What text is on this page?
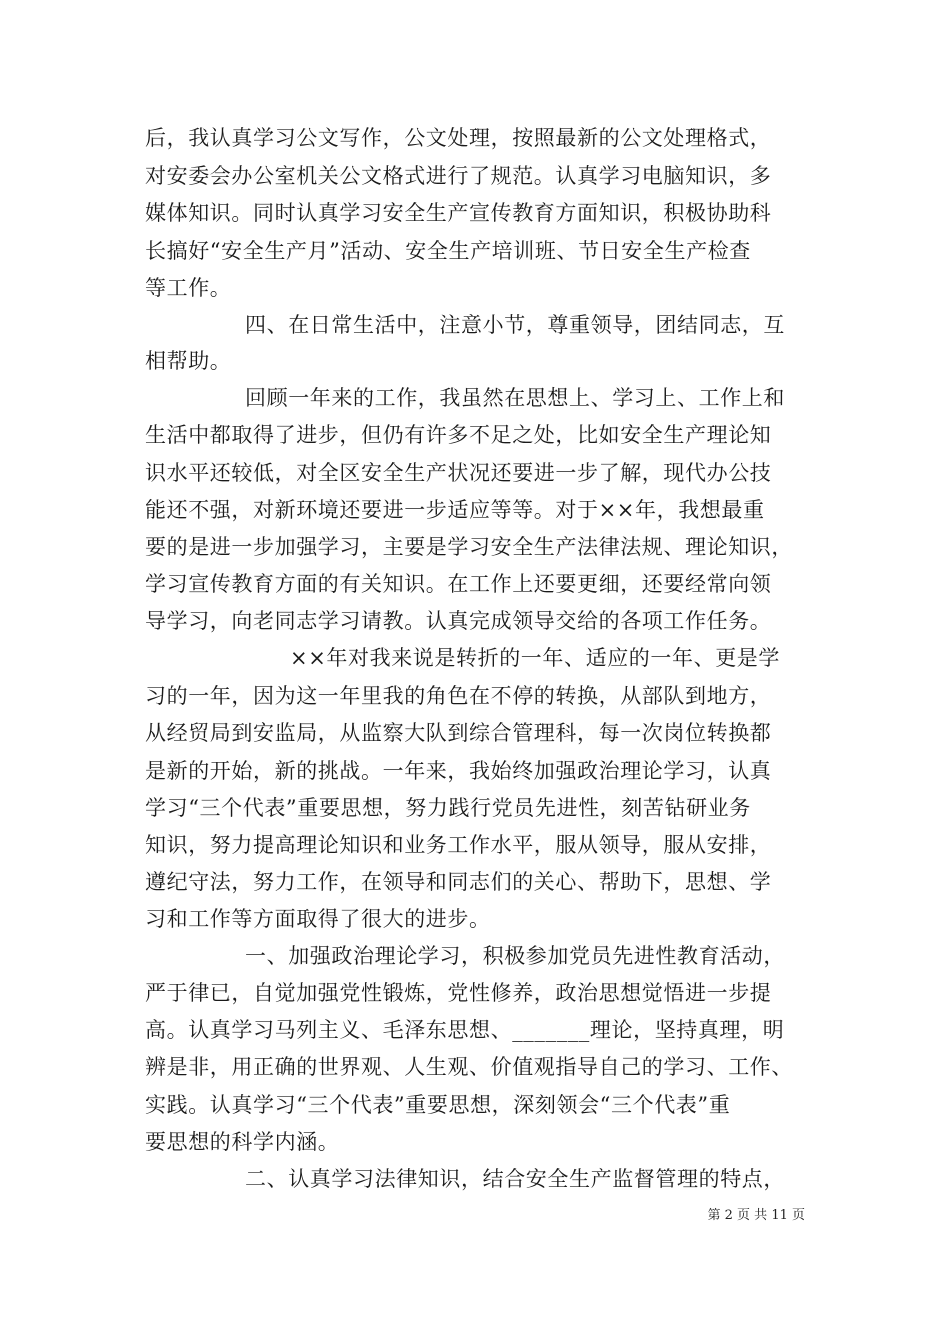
后，我认真学习公文写作，公文处理，按照最新的公文处理格式，
对安委会办公室机关公文格式进行了规范。认真学习电脑知识，多
媒体知识。同时认真学习安全生产宣传教育方面知识，积极协助科
长搞好“安全生产月”活动、安全生产培训班、节日安全生产检查
等工作。
四、在日常生活中，注意小节，尊重领导，团结同志，互
相帮助。
回顾一年来的工作，我虽然在思想上、学习上、工作上和
生活中都取得了进步，但仍有许多不足之处，比如安全生产理论知
识水平还较低，对全区安全生产状况还要进一步了解，现代办公技
能还不强，对新环境还要进一步适应等等。对于××年，我想最重
要的是进一步加强学习，主要是学习安全生产法律法规、理论知识，
学习宣传教育方面的有关知识。在工作上还要更细，还要经常向领
导学习，向老同志学习请教。认真完成领导交给的各项工作任务。
××年对我来说是转折的一年、适应的一年、更是学
习的一年，因为这一年里我的角色在不停的转换，从部队到地方，
从经贸局到安监局，从监察大队到综合管理科，每一次岗位转换都
是新的开始，新的挑战。一年来，我始终加强政治理论学习，认真
学习“三个代表”重要思想，努力践行党员先进性，刻苦钻研业务
知识，努力提高理论知识和业务工作水平，服从领导，服从安排，
遵纪守法，努力工作，在领导和同志们的关心、帮助下，思想、学
习和工作等方面取得了很大的进步。
一、加强政治理论学习，积极参加党员先进性教育活动，
严于律已，自觉加强党性锻炼，党性修养，政治思想觉悟进一步提
高。认真学习马列主义、毛泽东思想、_______理论，坚持真理，明
辨是非，用正确的世界观、人生观、价值观指导自己的学习、工作、
实践。认真学习“三个代表”重要思想，深刻领会“三个代表”重
要思想的科学内涵。
二、认真学习法律知识，结合安全生产监督管理的特点，
第 2 页 共 11 页
